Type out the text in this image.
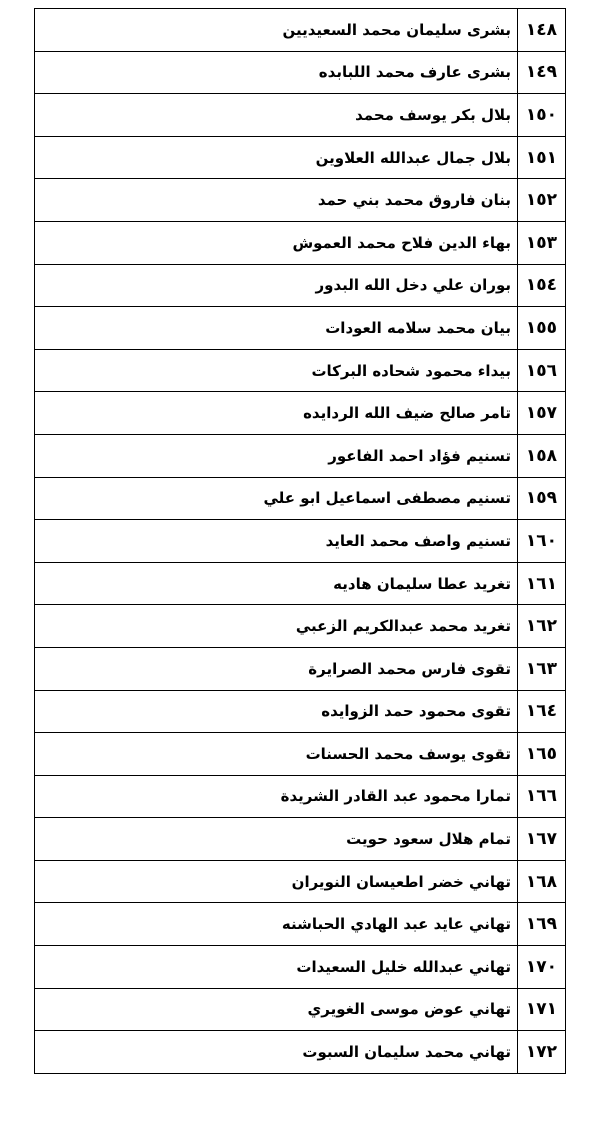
١٤٨	بشرى سليمان محمد السعيديين
١٤٩	بشرى عارف محمد اللبابده
١٥٠	بلال بكر يوسف محمد
١٥١	بلال جمال عبدالله العلاوين
١٥٢	بنان فاروق محمد بني حمد
١٥٣	بهاء الدين فلاح محمد العموش
١٥٤	بوران علي دخل الله البدور
١٥٥	بيان محمد سلامه العودات
١٥٦	بيداء محمود شحاده البركات
١٥٧	تامر صالح ضيف الله الردايده
١٥٨	تسنيم فؤاد احمد الفاعور
١٥٩	تسنيم مصطفى اسماعيل ابو علي
١٦٠	تسنيم واصف محمد العايد
١٦١	تغريد عطا سليمان هاديه
١٦٢	تغريد محمد عبدالكريم الزعبي
١٦٣	تقوى فارس محمد الصرايرة
١٦٤	تقوى محمود حمد الزوايده
١٦٥	تقوى يوسف محمد الحسنات
١٦٦	تمارا محمود عبد القادر الشريدة
١٦٧	تمام هلال سعود حويت
١٦٨	تهاني خضر اطعيسان النويران
١٦٩	تهاني عايد عبد الهادي الحباشنه
١٧٠	تهاني عبدالله خليل السعيدات
١٧١	تهاني عوض موسى الغويري
١٧٢	تهاني محمد سليمان السبوت
